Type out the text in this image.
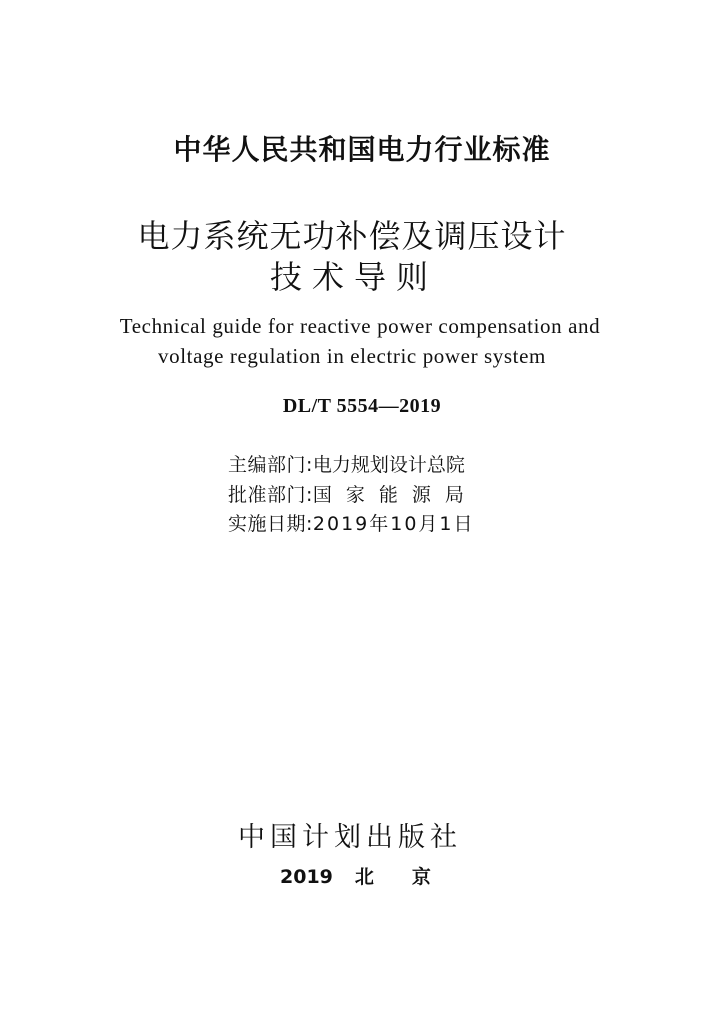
中华人民共和国电力行业标准
电力系统无功补偿及调压设计
技术导则
Technical guide for reactive power compensation and
voltage regulation in electric power system
DL/T 5554—2019
主编部门:电力规划设计总院
批准部门:国家能源局
实施日期:2019年10月1日
中国计划出版社
2019 北京
